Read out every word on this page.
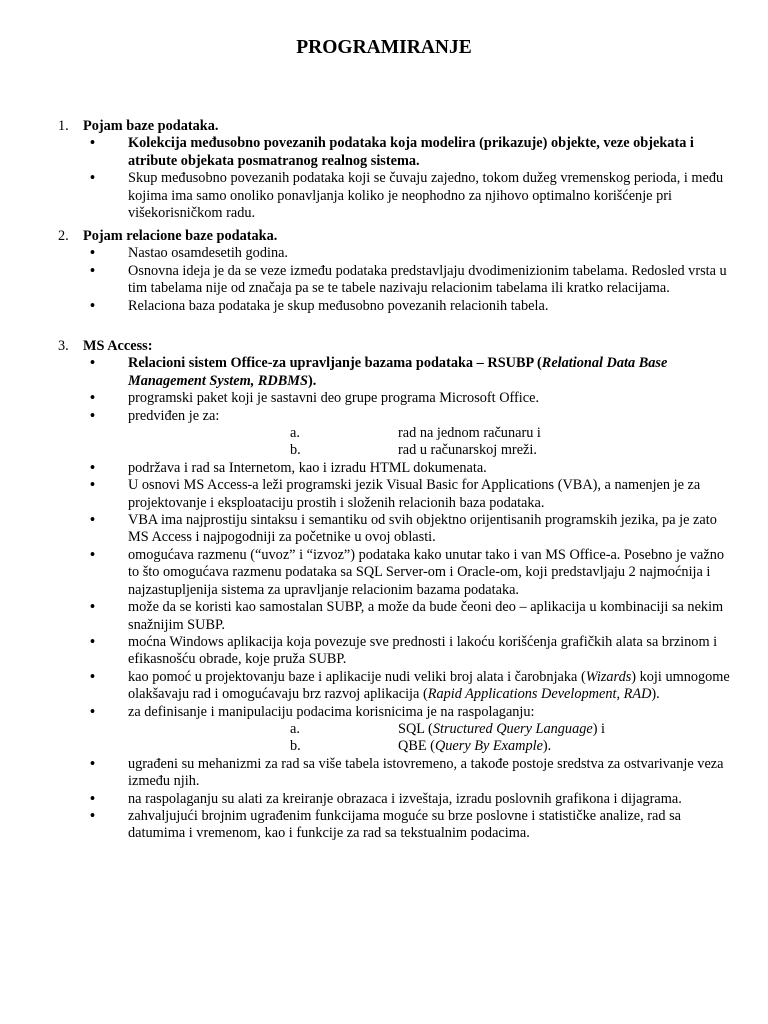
PROGRAMIRANJE
1. Pojam baze podataka.
• Kolekcija međusobno povezanih podataka koja modelira (prikazuje) objekte, veze objekata i atribute objekata posmatranog realnog sistema.
• Skup međusobno povezanih podataka koji se čuvaju zajedno, tokom dužeg vremenskog perioda, i među kojima ima samo onoliko ponavljanja koliko je neophodno za njihovo optimalno korišćenje pri višekorisničkom radu.
2. Pojam relacione baze podataka.
• Nastao osamdesetih godina.
• Osnovna ideja je da se veze između podataka predstavljaju dvodimenizionim tabelama. Redosled vrsta u tim tabelama nije od značaja pa se te tabele nazivaju relacionim tabelama ili kratko relacijama.
• Relaciona baza podataka je skup međusobno povezanih relacionih tabela.
3. MS Access:
• Relacioni sistem Office-za upravljanje bazama podataka – RSUBP (Relational Data Base Management System, RDBMS).
• programski paket koji je sastavni deo grupe programa Microsoft Office.
• predviđen je za:
a.	rad na jednom računaru i
b.	rad u računarskoj mreži.
• podržava i rad sa Internetom, kao i izradu HTML dokumenata.
• U osnovi MS Access-a leži programski jezik Visual Basic for Applications (VBA), a namenjen je za projektovanje i eksploataciju prostih i složenih relacionih baza podataka.
• VBA ima najprostiju sintaksu i semantiku od svih objektno orijentisanih programskih jezika, pa je zato MS Access i najpogodniji za početnike u ovoj oblasti.
• omogućava razmenu (“uvoz” i “izvoz”) podataka kako unutar tako i van MS Office-a. Posebno je važno to što omogućava razmenu podataka sa SQL Server-om i Oracle-om, koji predstavljaju 2 najmoćnija i najzastupljenija sistema za upravljanje relacionim bazama podataka.
• može da se koristi kao samostalan SUBP, a može da bude čeoni deo – aplikacija u kombinaciji sa nekim snažnijim SUBP.
• moćna Windows aplikacija koja povezuje sve prednosti i lakoću korišćenja grafičkih alata sa brzinom i efikasnošću obrade, koje pruža SUBP.
• kao pomoć u projektovanju baze i aplikacije nudi veliki broj alata i čarobnjaka (Wizards) koji umnogome olakšavaju rad i omogućavaju brz razvoj aplikacija (Rapid Applications Development, RAD).
• za definisanje i manipulaciju podacima korisnicima je na raspolaganju:
a.	SQL (Structured Query Language) i
b.	QBE (Query By Example).
• ugrađeni su mehanizmi za rad sa više tabela istovremeno, a takođe postoje sredstva za ostvarivanje veza između njih.
• na raspolaganju su alati za kreiranje obrazaca i izveštaja, izradu poslovnih grafikona i dijagrama.
• zahvaljujući brojnim ugrađenim funkcijama moguće su brze poslovne i statističke analize, rad sa datumima i vremenom, kao i funkcije za rad sa tekstualnim podacima.
